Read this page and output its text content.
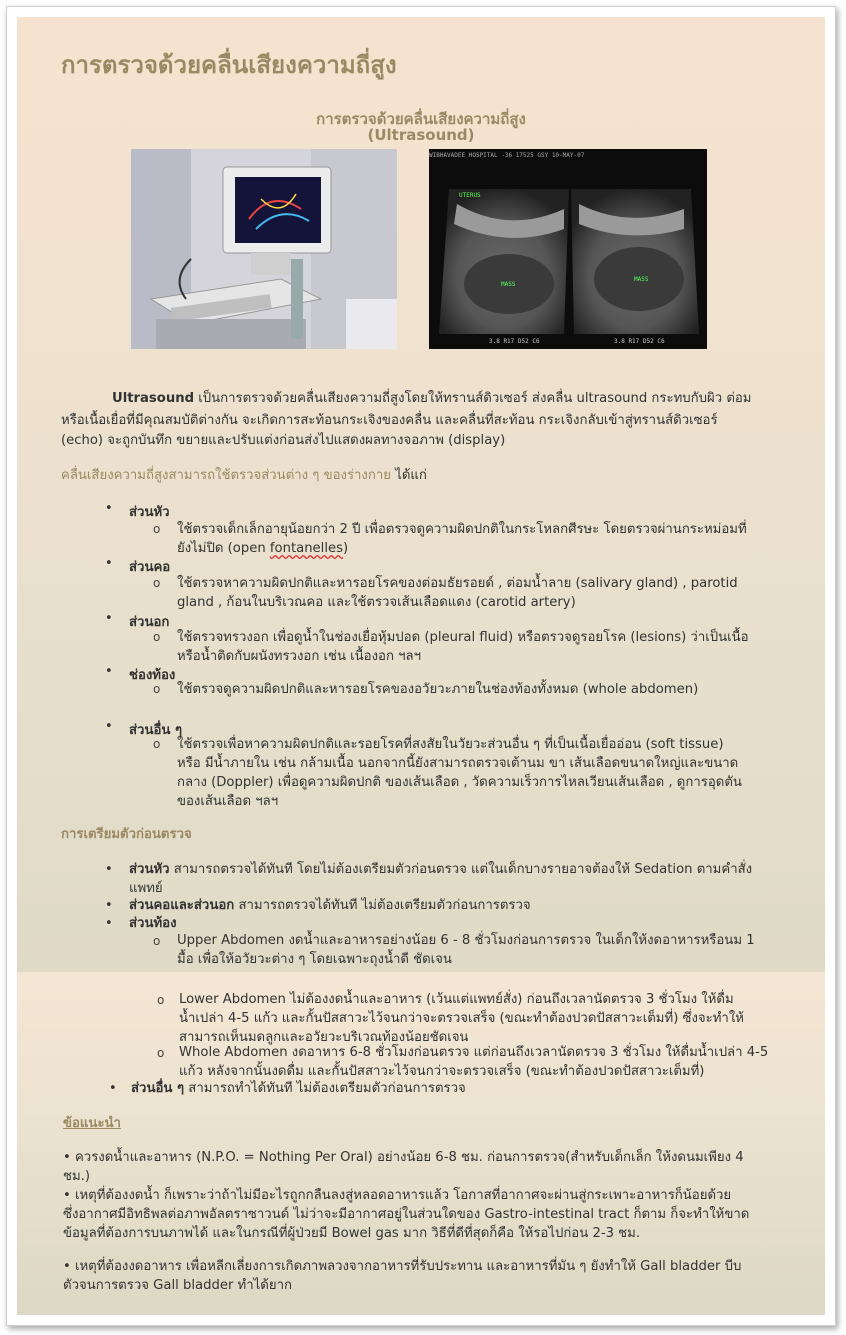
การตรวจด้วยคลื่นเสียงความถี่สูง
การตรวจด้วยคลื่นเสียงความถี่สูง
(Ultrasound)
WIBHAVADEE HOSPITAL -36 17525 GSY 10-MAY-07
UTERUS
MASS
MASS
3.8 R17 D52 C6	3.8 R17 D52 C6
Ultrasound เป็นการตรวจด้วยคลื่นเสียงความถี่สูงโดยให้ทรานส์ดิวเซอร์ ส่งคลื่น ultrasound กระทบกับผิว ต่อม
หรือเนื้อเยื่อที่มีคุณสมบัติต่างกัน จะเกิดการสะท้อนกระเจิงของคลื่น และคลื่นที่สะท้อน กระเจิงกลับเข้าสู่ทรานส์ดิวเซอร์
(echo) จะถูกบันทึก ขยายและปรับแต่งก่อนส่งไปแสดงผลทางจอภาพ (display)
คลื่นเสียงความถี่สูงสามารถใช้ตรวจส่วนต่าง ๆ ของร่างกาย ได้แก่
• ส่วนหัว
o ใช้ตรวจเด็กเล็กอายุน้อยกว่า 2 ปี เพื่อตรวจดูความผิดปกติในกระโหลกศีรษะ โดยตรวจผ่านกระหม่อมที่
ยังไม่ปิด (open fontanelles)
• ส่วนคอ
o ใช้ตรวจหาความผิดปกติและหารอยโรคของต่อมธัยรอยด์ , ต่อมน้ำลาย (salivary gland) , parotid
gland , ก้อนในบริเวณคอ และใช้ตรวจเส้นเลือดแดง (carotid artery)
• ส่วนอก
o ใช้ตรวจทรวงอก เพื่อดูน้ำในช่องเยื่อหุ้มปอด (pleural fluid) หรือตรวจดูรอยโรค (lesions) ว่าเป็นเนื้อ
หรือน้ำติดกับผนังทรวงอก เช่น เนื้องอก ฯลฯ
• ช่องท้อง
o ใช้ตรวจดูความผิดปกติและหารอยโรคของอวัยวะภายในช่องท้องทั้งหมด (whole abdomen)
• ส่วนอื่น ๆ
o ใช้ตรวจเพื่อหาความผิดปกติและรอยโรคที่สงสัยในวัยวะส่วนอื่น ๆ ที่เป็นเนื้อเยื่ออ่อน (soft tissue)
หรือ มีน้ำภายใน เช่น กล้ามเนื้อ นอกจากนี้ยังสามารถตรวจเต้านม ขา เส้นเลือดขนาดใหญ่และขนาด
กลาง (Doppler) เพื่อดูความผิดปกติ ของเส้นเลือด , วัดความเร็วการไหลเวียนเส้นเลือด , ดูการอุดตัน
ของเส้นเลือด ฯลฯ
การเตรียมตัวก่อนตรวจ
• ส่วนหัว สามารถตรวจได้ทันที โดยไม่ต้องเตรียมตัวก่อนตรวจ แต่ในเด็กบางรายอาจต้องให้ Sedation ตามคำสั่ง
แพทย์
• ส่วนคอและส่วนอก สามารถตรวจได้ทันที ไม่ต้องเตรียมตัวก่อนการตรวจ
• ส่วนท้อง
o Upper Abdomen งดน้ำและอาหารอย่างน้อย 6 - 8 ชั่วโมงก่อนการตรวจ ในเด็กให้งดอาหารหรือนม 1
มื้อ เพื่อให้อวัยวะต่าง ๆ โดยเฉพาะถุงน้ำดี ชัดเจน
o Lower Abdomen ไม่ต้องงดน้ำและอาหาร (เว้นแต่แพทย์สั่ง) ก่อนถึงเวลานัดตรวจ 3 ชั่วโมง ให้ดื่ม
น้ำเปล่า 4-5 แก้ว และกั้นปัสสาวะไว้จนกว่าจะตรวจเสร็จ (ขณะทำต้องปวดปัสสาวะเต็มที่) ซึ่งจะทำให้
สามารถเห็นมดลูกและอวัยวะบริเวณท้องน้อยชัดเจน
o Whole Abdomen งดอาหาร 6-8 ชั่วโมงก่อนตรวจ แต่ก่อนถึงเวลานัดตรวจ 3 ชั่วโมง ให้ดื่มน้ำเปล่า 4-5
แก้ว หลังจากนั้นงดดื่ม และกั้นปัสสาวะไว้จนกว่าจะตรวจเสร็จ (ขณะทำต้องปวดปัสสาวะเต็มที่)
• ส่วนอื่น ๆ สามารถทำได้ทันที ไม่ต้องเตรียมตัวก่อนการตรวจ
ข้อแนะนำ
• ควรงดน้ำและอาหาร (N.P.O. = Nothing Per Oral) อย่างน้อย 6-8 ชม. ก่อนการตรวจ(สำหรับเด็กเล็ก ให้งดนมเพียง 4
ชม.)
• เหตุที่ต้องงดน้ำ ก็เพราะว่าถ้าไม่มีอะไรถูกกลืนลงสู่หลอดอาหารแล้ว โอกาสที่อากาศจะผ่านสู่กระเพาะอาหารก็น้อยด้วย
ซึ่งอากาศมีอิทธิพลต่อภาพอัลตราซาวนด์ ไม่ว่าจะมีอากาศอยู่ในส่วนใดของ Gastro-intestinal tract ก็ตาม ก็จะทำให้ขาด
ข้อมูลที่ต้องการบนภาพได้ และในกรณีที่ผู้ป่วยมี Bowel gas มาก วิธีที่ดีที่สุดก็คือ ให้รอไปก่อน 2-3 ชม.
• เหตุที่ต้องงดอาหาร เพื่อหลีกเลี่ยงการเกิดภาพลวงจากอาหารที่รับประทาน และอาหารที่มัน ๆ ยังทำให้ Gall bladder บีบ
ตัวจนการตรวจ Gall bladder ทำได้ยาก
